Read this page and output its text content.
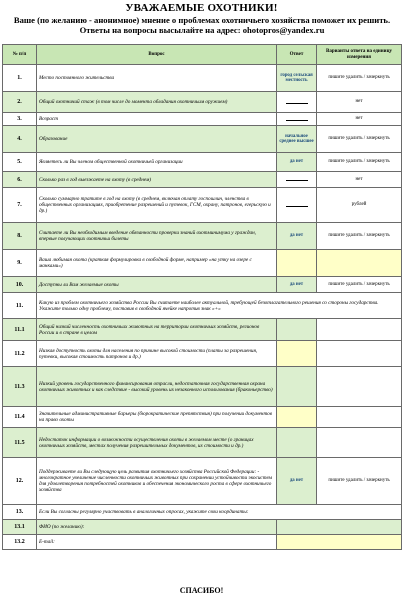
УВАЖАЕМЫЕ ОХОТНИКИ!
Ваше (по желанию - анонимное) мнение о проблемах охотничьего хозяйства поможет их решить. Ответы на вопросы высылайте на адрес: ohotopros@yandex.ru
№ п/п	Вопрос	Ответ	Варианты ответа на единицу измерения
1.	Место постоянного жительства	город сельская местность	пишите удалить / зачеркнуть
2.	Общий охотничий стаж (в том числе до момента обладания охотничьим оружием)		нет
3.	Возраст		нет
4.	Образование	начальное среднее высшее	пишите удалить / зачеркнуть
5.	Являетесь ли Вы членом общественной охотничьей организации	да нет	пишите удалить / зачеркнуть
6.	Сколько раз в год выезжаете на охоту (в среднем)		нет
7.	Сколько суммарно тратите в год на охоту (в среднем, включая оплату госпошлин, членства в общественных организациях, приобретение разрешений и путевок, ГСМ, охрану, патронов, егерьскую и др.)		рублей
8.	Считаете ли Вы необходимым введение обязанности проверки знаний охотминимума у граждан, впервые получающих охотничьи билеты	да нет	пишите удалить / зачеркнуть
9.	Вашa любимая охота (краткая формулировка в свободной форме, например «на утку на озере с манками»)		
10.	Доступны ли Вам желаемые охоты	да нет	пишите удалить / зачеркнуть
11.	Какую из проблем охотничьего хозяйства России Вы считаете наиболее актуальной, требующей безотлагательного решения со стороны государства. Укажите только одну проблему, поставив в свободной ячейке напротив знак «+»		
11.1	Общий низкий численность охотничьих животных на территории охотничьих хозяйств, регионов России и в стране в целом		
11.2	Низкая доступность охоты для населения по причине высокой стоимости (платы за разрешения, путевки, высокая стоимость патронов и др.)		
11.3	Низкий уровень государственного финансирования отрасли, недостаточная государственная охрана охотничьих животных и как следствие - высокий уровень их незаконного использования (браконьерство)		
11.4	Значительные административные барьеры (бюрократические препятствия) при получении документов на право охоты		
11.5	Недостаток информации о возможности осуществления охоты в желаемом месте (о границах охотничьих хозяйств, местах получения разрешительных документов, их стоимости и др.)		
12.	Поддерживаете ли Вы следующую цель развития охотничьего хозяйства Российской Федерации: - многократное увеличение численности охотничьих животных при сохранении устойчивости экосистем для удовлетворения потребностей охотников и обеспечения экономического роста в сфере охотничьего хозяйства	да нет	пишите удалить / зачеркнуть
13.	Если Вы согласны регулярно участвовать в аналогичных опросах, укажите свои координаты:		
13.1	ФИО (по желанию):		
13.2	E-mail:		
СПАСИБО!
